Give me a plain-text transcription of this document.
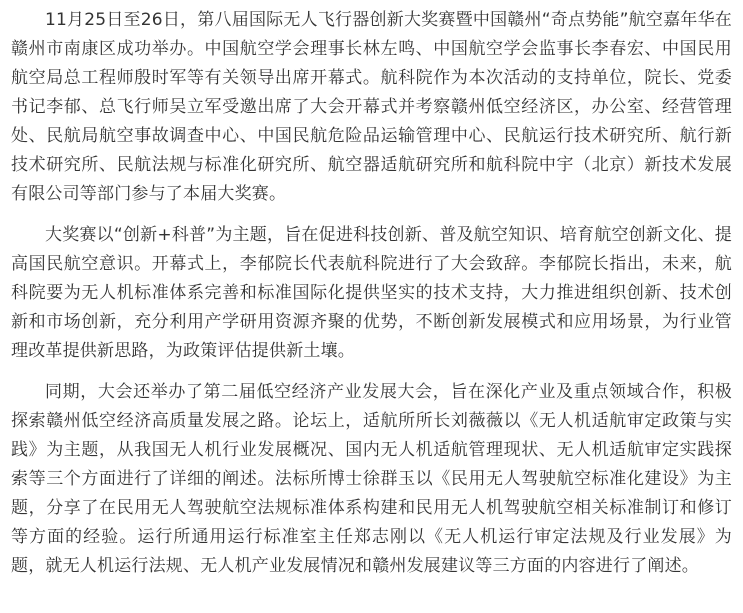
11月25日至26日，第八届国际无人飞行器创新大奖赛暨中国赣州“奇点势能”航空嘉年华在赣州市南康区成功举办。中国航空学会理事长林左鸣、中国航空学会监事长李春宏、中国民用航空局总工程师殷时军等有关领导出席开幕式。航科院作为本次活动的支持单位，院长、党委书记李郁、总飞行师吴立军受邀出席了大会开幕式并考察赣州低空经济区，办公室、经营管理处、民航局航空事故调查中心、中国民航危险品运输管理中心、民航运行技术研究所、航行新技术研究所、民航法规与标准化研究所、航空器适航研究所和航科院中宇（北京）新技术发展有限公司等部门参与了本届大奖赛。

大奖赛以“创新+科普”为主题，旨在促进科技创新、普及航空知识、培育航空创新文化、提高国民航空意识。开幕式上，李郁院长代表航科院进行了大会致辞。李郁院长指出，未来，航科院要为无人机标准体系完善和标准国际化提供坚实的技术支持，大力推进组织创新、技术创新和市场创新，充分利用产学研用资源齐聚的优势，不断创新发展模式和应用场景，为行业管理改革提供新思路，为政策评估提供新土壤。

同期，大会还举办了第二届低空经济产业发展大会，旨在深化产业及重点领域合作，积极探索赣州低空经济高质量发展之路。论坛上，适航所所长刘薇薇以《无人机适航审定政策与实践》为主题，从我国无人机行业发展概况、国内无人机适航管理现状、无人机适航审定实践探索等三个方面进行了详细的阐述。法标所博士徐群玉以《民用无人驾驶航空标准化建设》为主题，分享了在民用无人驾驶航空法规标准体系构建和民用无人机驾驶航空相关标准制订和修订等方面的经验。运行所通用运行标准室主任郑志刚以《无人机运行审定法规及行业发展》为题，就无人机运行法规、无人机产业发展情况和赣州发展建议等三方面的内容进行了阐述。
